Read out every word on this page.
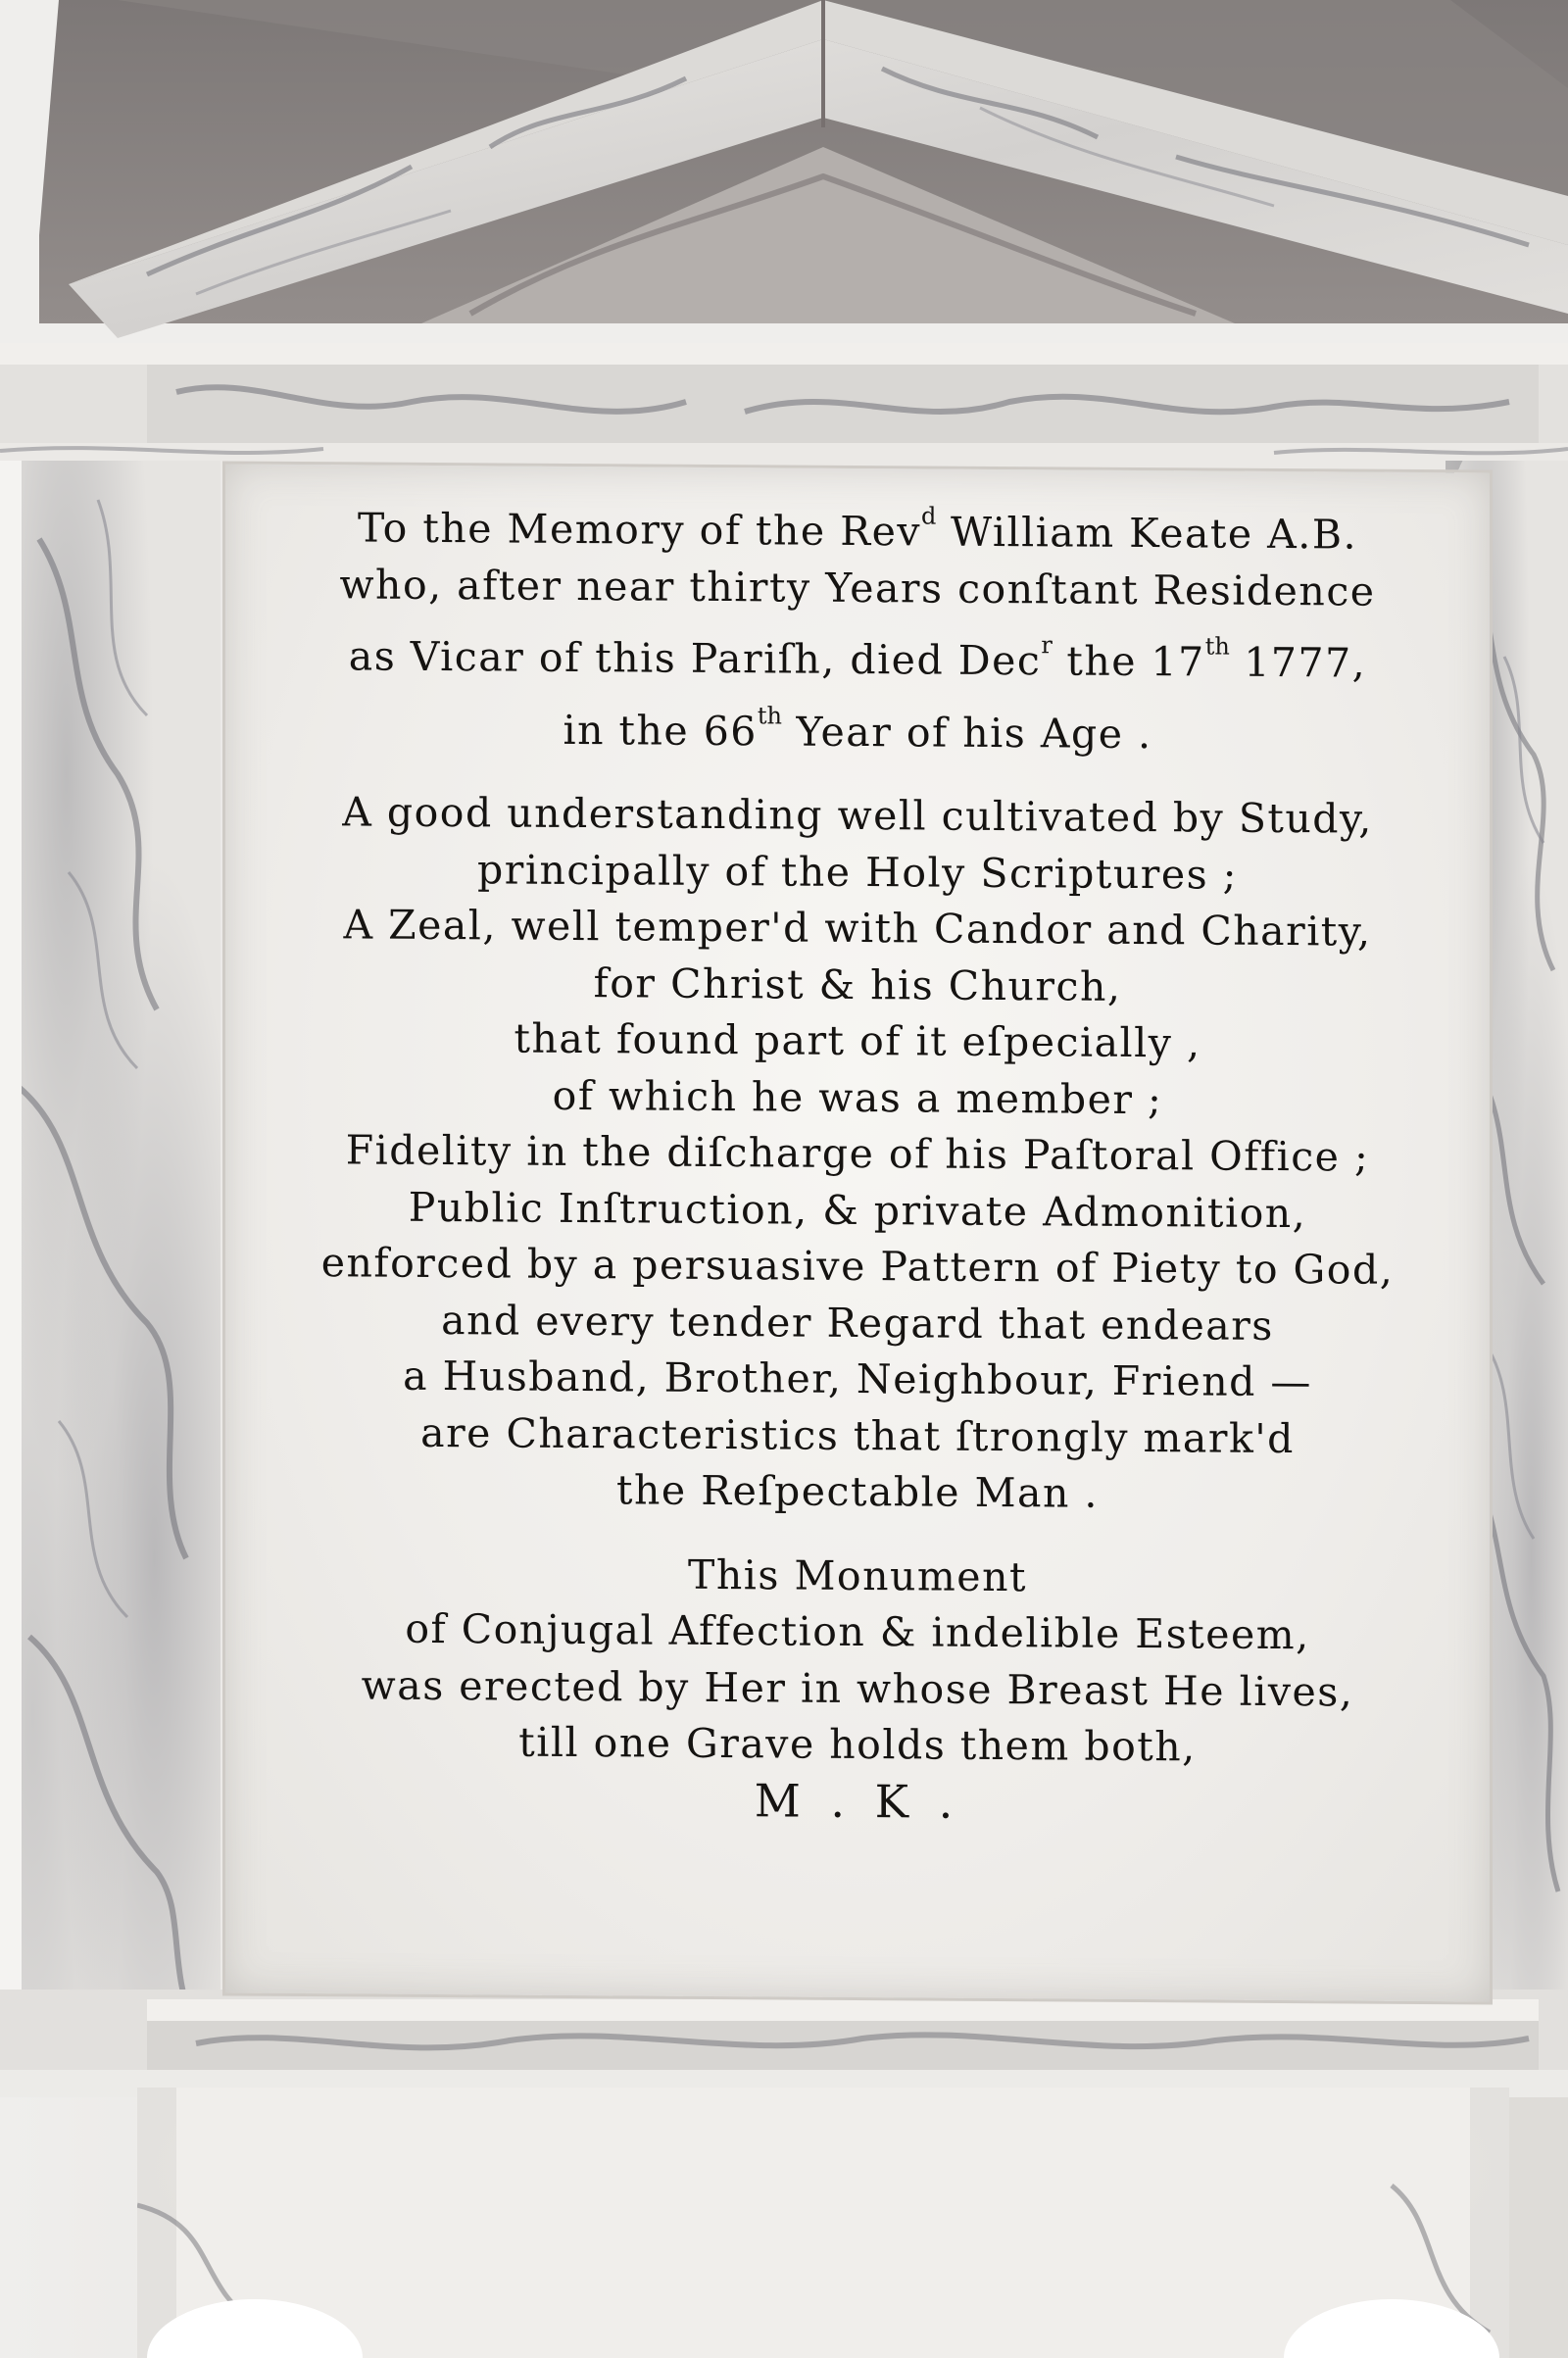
To the Memory of the Rev$^d$ William Keate A.B.
who, after near thirty Years conſtant Residence
as Vicar of this Pariſh, died Dec$^r$ the 17th 1777,
in the 66th Year of his Age .
A good understanding well cultivated by Study,
principally of the Holy Scriptures ;
A Zeal, well temper'd with Candor and Charity,
for Christ & his Church,
that found part of it eſpecially ,
of which he was a member ;
Fidelity in the diſcharge of his Paſtoral Office ;
Public Inſtruction, & private Admonition,
enforced by a persuasive Pattern of Piety to God,
and every tender Regard that endears
a Husband, Brother, Neighbour, Friend —
are Characteristics that ſtrongly mark'd
the Reſpectable Man .
This Monument
of Conjugal Affection & indelible Esteem,
was erected by Her in whose Breast He lives,
till one Grave holds them both,
M . K .
